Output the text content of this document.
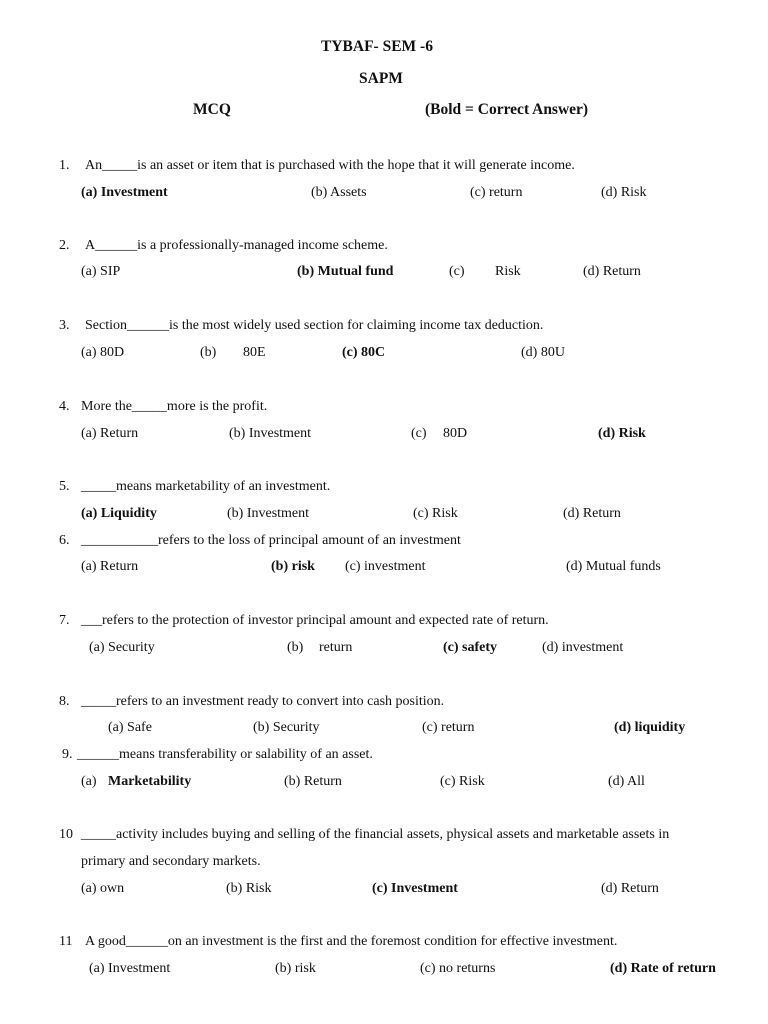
TYBAF- SEM -6
SAPM
MCQ	(Bold = Correct Answer)
1. An_____is an asset or item that is purchased with the hope that it will generate income.
(a) Investment	(b) Assets	(c) return	(d) Risk
2. A______is a professionally-managed income scheme.
(a) SIP	(b) Mutual fund	(c) Risk	(d) Return
3. Section______is the most widely used section for claiming income tax deduction.
(a) 80D	(b) 80E	(c) 80C	(d) 80U
4. More the_____more is the profit.
(a) Return	(b) Investment	(c) 80D	(d) Risk
5. _____means marketability of an investment.
(a) Liquidity	(b) Investment	(c) Risk	(d) Return
6. ___________refers to the loss of principal amount of an investment
(a) Return	(b) risk (c) investment	(d) Mutual funds
7. ___refers to the protection of investor principal amount and expected rate of return.
(a) Security	(b) return	(c) safety	(d) investment
8. _____refers to an investment ready to convert into cash position.
(a) Safe	(b) Security	(c) return	(d) liquidity
9. ______means transferability or salability of an asset.
(a) Marketability	(b) Return	(c) Risk	(d) All
10 _____activity includes buying and selling of the financial assets, physical assets and marketable assets in
primary and secondary markets.
(a) own	(b) Risk	(c) Investment	(d) Return
11 A good______on an investment is the first and the foremost condition for effective investment.
(a) Investment	(b) risk	(c) no returns	(d) Rate of return
